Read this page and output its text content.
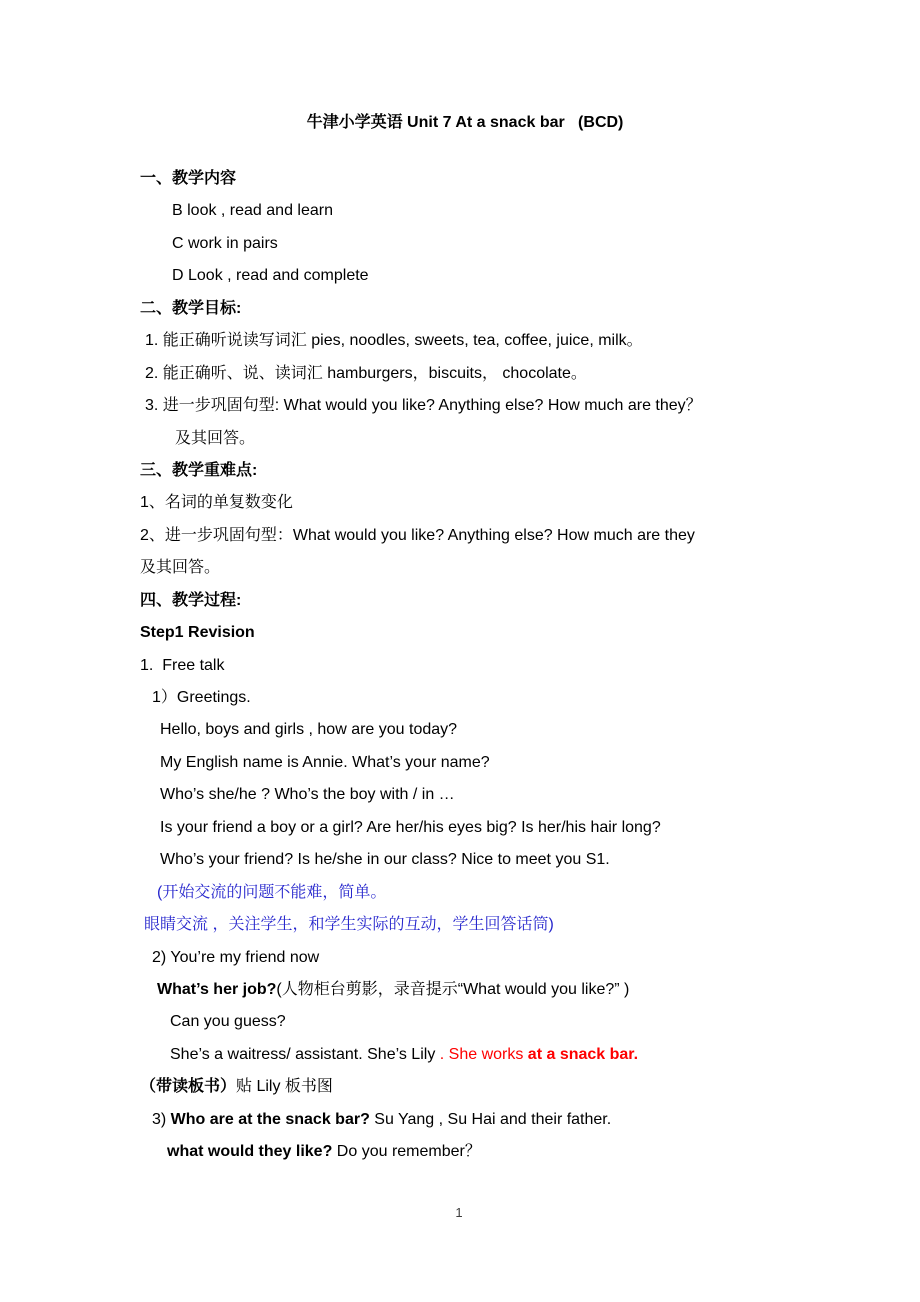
牛津小学英语 Unit 7 At a snack bar   (BCD)
一、教学内容
B look , read and learn
C work in pairs
D Look , read and complete
二、教学目标:
1. 能正确听说读写词汇 pies, noodles, sweets, tea, coffee, juice, milk。
2. 能正确听、说、读词汇 hamburgers，biscuits， chocolate。
3. 进一步巩固句型: What would you like? Anything else? How much are they？
及其回答。
三、教学重难点:
1、名词的单复数变化
2、进一步巩固句型：What would you like? Anything else? How much are they
及其回答。
四、教学过程:
Step1 Revision
1.  Free talk
1）Greetings.
Hello, boys and girls , how are you today?
My English name is Annie. What’s your name?
Who’s she/he ? Who’s the boy with / in …
Is your friend a boy or a girl? Are her/his eyes big? Is her/his hair long?
Who’s your friend? Is he/she in our class? Nice to meet you S1.
(开始交流的问题不能难，简单。
眼睛交流 ，关注学生，和学生实际的互动，学生回答话筒)
2) You’re my friend now
What’s her job?(人物柜台剪影，录音提示“What would you like?” )
Can you guess?
She’s a waitress/ assistant. She’s Lily . She works at a snack bar.
（带读板书）贴 Lily 板书图
3) Who are at the snack bar? Su Yang , Su Hai and their father.
what would they like? Do you remember？
1
